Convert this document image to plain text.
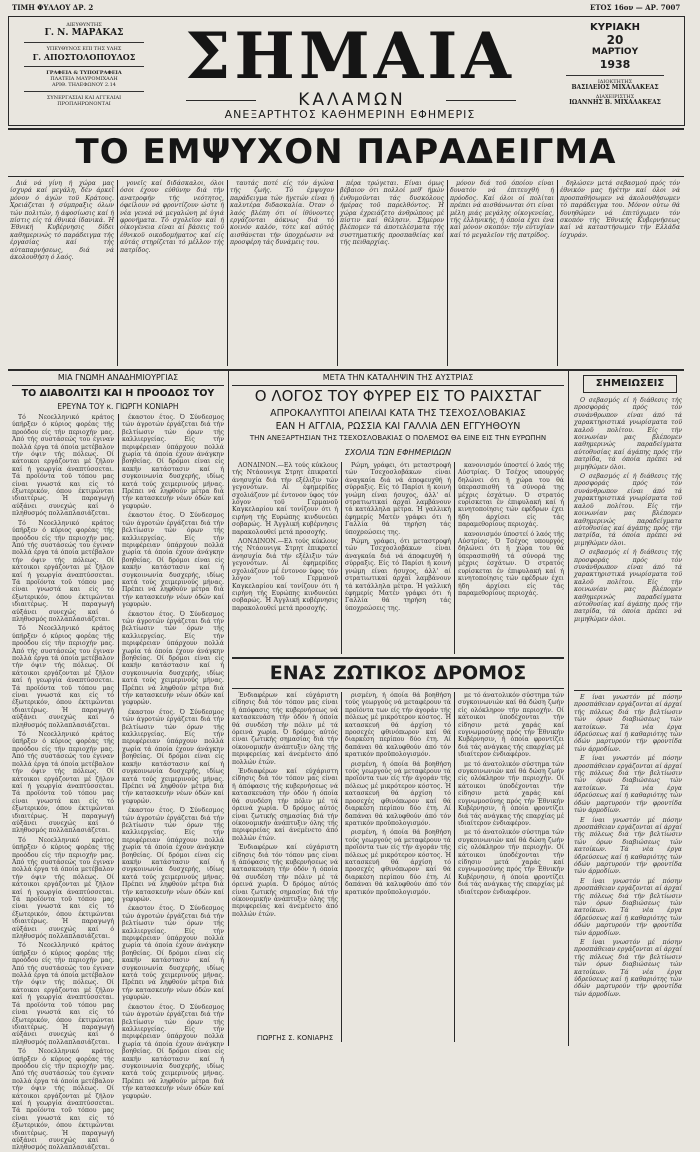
ΤΙΜΗ ΦΥΛΛΟΥ ΔΡ. 2	ΕΤΟΣ 16ον — ΑΡ. 7007
ΔΙΕΥΘΥΝΤΗΣ
Γ. Ν. ΜΑΡΑΚΑΣ
ΥΠΕΥΘΥΝΟΣ ΕΠΙ ΤΗΣ ΥΛΗΣ
Γ. ΑΠΟΣΤΟΛΟΠΟΥΛΟΣ
ΓΡΑΦΕΙΑ & ΤΥΠΟΓΡΑΦΕΙΑ
ΠΛΑΤΕΙΑ ΜΑΥΡΟΜΙΧΑΛΗ
ΑΡΙΘ. ΤΗΛΕΦΩΝΟΥ 2.14
ΣΥΝΕΡΓΑΣΙΑΙ ΚΑΙ ΑΓΓΕΛΙΑΙ
ΠΡΟΠΛΗΡΩΝΟΝΤΑΙ
ΣΗΜΑΙΑ
ΚΑΛΑΜΩΝ
ΑΝΕΞΑΡΤΗΤΟΣ ΚΑΘΗΜΕΡΙΝΗ ΕΦΗΜΕΡΙΣ
ΚΥΡΙΑΚΗ
20
ΜΑΡΤΙΟΥ
1938
ΙΔΙΟΚΤΗΤΗΣ
ΒΑΣΙΛΕΙΟΣ ΜΙΧΑΛΑΚΕΑΣ
ΔΙΑΧΕΙΡΙΣΤΗΣ
ΙΩΑΝΝΗΣ Β. ΜΙΧΑΛΑΚΕΑΣ
ΤΟ ΕΜΨΥΧΟΝ ΠΑΡΑΔΕΙΓΜΑ

Διά νά γίνη ή χώρα μας ίσχυρά καί μεγάλη, δέν άρκεϊ μόνον ό άγών τοϋ Κράτους. Χρειάζεται ή σύμπραξις όλων τών πολιτών, ή άφοσίωσις καί ή πίστις είς τά έθνικά ίδανικά. Ή Έθνική Κυβέρνησις δίδει καθημερινώς τό παράδειγμα τής έργασίας καί τής αύταπαρνήσεως, διά νά άκολουθήση ό λαός.

γονεϊς καί διδάσκαλοι, όλοι όσοι έχουν εύθύνην διά τήν ανατροφήν τής νεότητος, όφείλουν νά φροντίζουν ώστε ή νέα γενεά νά μεγαλώνη μέ ύγιά φρονήματα. Τό σχολεϊον καί ή οίκογένεια είναι αί βάσεις τοϋ έθνικοϋ οικοδομήματος καί είς αύτάς στηρίζεται τό μέλλον τής πατρίδος.

ταυτάς ποτέ είς τόν άγώνα τής ζωής. Τό έμψυχον παράδειγμα τών ήγετών είναι ή καλυτέρα διδασκαλία. Όταν ό λαός βλέπη ότι οί ίθύνοντες εργάζονται άόκνως διά τό κοινόν καλόν, τότε καί αύτός αισθάνεται τήν ύποχρέωσιν νά προσφέρη τάς δυνάμεις του.

πέρα τρώγεται. Είναι όμως βέβαιον ότι πολλοί μεθ' ήμών ένθυμοϋνται τάς δυσκόλους ήμέρας τοϋ παρελθόντος. Ή χώρα έχρειάζετο άνθρώπους μέ πίστιν καί θέλησιν. Σήμερον βλέπομεν τά άποτελέσματα τής συστηματικής προσπαθείας καί τής πειθαρχίας.

μόνον διά τοϋ όποίου είναι δυνατόν νά έπιτευχθή ή πρόοδος. Καί όλοι οί πολίται πρέπει νά αισθάνωνται ότι είναι μέλη μιάς μεγάλης οίκογενείας, τής έλληνικής, ή όποία έχει ένα καί μόνον σκοπόν: τήν εύτυχίαν καί τό μεγαλεϊον τής πατρίδος.

δηλώσεν μετά σεβασμού πρός τόν έθνικόν μας ήγέτην καί όλοι νά προσπαθήσωμεν νά άκολουθήσωμεν τό παράδειγμα του. Μόνον ούτω θά δυνηθώμεν νά έπιτύχωμεν τόν σκοπόν τής Έθνικής Κυβερνήσεως καί νά καταστήσωμεν τήν Ελλάδα ίσχυράν.

ΜΙΑ ΓΝΩΜΗ ΑΝΑΔΗΜΙΟΥΡΓΙΑΣ
ΤΟ ΔΙΑΒΟΛΙΤΣΙ ΚΑΙ Η ΠΡΟΟΔΟΣ ΤΟΥ
ΕΡΕΥΝΑ ΤΟΥ κ. ΓΙΩΡΓΗ ΚΟΝΙΑΡΗ

Τό Νεοελληνικό κράτος ύπήρξεν ό κύριος φορέας τής προόδου είς τήν περιοχήν μας. Άπό τής συστάσεώς του έγιναν πολλά έργα τά όποία μετέβαλον τήν όψιν τής πόλεως. Οί κάτοικοι εργάζονται μέ ζήλον καί ή γεωργία άναπτύσσεται. Τά προϊόντα τοϋ τόπου μας είναι γνωστά και είς τό έξωτερικόν, όπου έκτιμώνται ιδιαιτέρως. Ή παραγωγή αύξάνει συνεχώς καί ό πληθυσμός πολλαπλασιάζεται.

Τό Νεοελληνικό κράτος ύπήρξεν ό κύριος φορέας τής προόδου είς τήν περιοχήν μας. Άπό τής συστάσεώς του έγιναν πολλά έργα τά όποία μετέβαλον τήν όψιν τής πόλεως. Οί κάτοικοι εργάζονται μέ ζήλον καί ή γεωργία άναπτύσσεται. Τά προϊόντα τοϋ τόπου μας είναι γνωστά και είς τό έξωτερικόν, όπου έκτιμώνται ιδιαιτέρως. Ή παραγωγή αύξάνει συνεχώς καί ό πληθυσμός πολλαπλασιάζεται.

Τό Νεοελληνικό κράτος ύπήρξεν ό κύριος φορέας τής προόδου είς τήν περιοχήν μας. Άπό τής συστάσεώς του έγιναν πολλά έργα τά όποία μετέβαλον τήν όψιν τής πόλεως. Οί κάτοικοι εργάζονται μέ ζήλον καί ή γεωργία άναπτύσσεται. Τά προϊόντα τοϋ τόπου μας είναι γνωστά και είς τό έξωτερικόν, όπου έκτιμώνται ιδιαιτέρως. Ή παραγωγή αύξάνει συνεχώς καί ό πληθυσμός πολλαπλασιάζεται.

Τό Νεοελληνικό κράτος ύπήρξεν ό κύριος φορέας τής προόδου είς τήν περιοχήν μας. Άπό τής συστάσεώς του έγιναν πολλά έργα τά όποία μετέβαλον τήν όψιν τής πόλεως. Οί κάτοικοι εργάζονται μέ ζήλον καί ή γεωργία άναπτύσσεται. Τά προϊόντα τοϋ τόπου μας είναι γνωστά και είς τό έξωτερικόν, όπου έκτιμώνται ιδιαιτέρως. Ή παραγωγή αύξάνει συνεχώς καί ό πληθυσμός πολλαπλασιάζεται.

Τό Νεοελληνικό κράτος ύπήρξεν ό κύριος φορέας τής προόδου είς τήν περιοχήν μας. Άπό τής συστάσεώς του έγιναν πολλά έργα τά όποία μετέβαλον τήν όψιν τής πόλεως. Οί κάτοικοι εργάζονται μέ ζήλον καί ή γεωργία άναπτύσσεται. Τά προϊόντα τοϋ τόπου μας είναι γνωστά και είς τό έξωτερικόν, όπου έκτιμώνται ιδιαιτέρως. Ή παραγωγή αύξάνει συνεχώς καί ό πληθυσμός πολλαπλασιάζεται.

Τό Νεοελληνικό κράτος ύπήρξεν ό κύριος φορέας τής προόδου είς τήν περιοχήν μας. Άπό τής συστάσεώς του έγιναν πολλά έργα τά όποία μετέβαλον τήν όψιν τής πόλεως. Οί κάτοικοι εργάζονται μέ ζήλον καί ή γεωργία άναπτύσσεται. Τά προϊόντα τοϋ τόπου μας είναι γνωστά και είς τό έξωτερικόν, όπου έκτιμώνται ιδιαιτέρως. Ή παραγωγή αύξάνει συνεχώς καί ό πληθυσμός πολλαπλασιάζεται.

Τό Νεοελληνικό κράτος ύπήρξεν ό κύριος φορέας τής προόδου είς τήν περιοχήν μας. Άπό τής συστάσεώς του έγιναν πολλά έργα τά όποία μετέβαλον τήν όψιν τής πόλεως. Οί κάτοικοι εργάζονται μέ ζήλον καί ή γεωργία άναπτύσσεται. Τά προϊόντα τοϋ τόπου μας είναι γνωστά και είς τό έξωτερικόν, όπου έκτιμώνται ιδιαιτέρως. Ή παραγωγή αύξάνει συνεχώς καί ό πληθυσμός πολλαπλασιάζεται.

έκαστον έτος. Ό Σύνδεσμος τών άγροτών έργάζεται διά τήν βελτίωσιν τών όρων τής καλλιεργείας. Είς τήν περιφέρειαν ύπάρχουν πολλά χωρία τά όποία έχουν άνάγκην βοηθείας. Οί δρόμοι είναι είς κακήν κατάστασιν καί ή συγκοινωνία δυσχερής, ιδίως κατά τούς χειμερινούς μήνας. Πρέπει νά ληφθούν μέτρα διά τήν κατασκευήν νέων όδών καί γεφυρών.

έκαστον έτος. Ό Σύνδεσμος τών άγροτών έργάζεται διά τήν βελτίωσιν τών όρων τής καλλιεργείας. Είς τήν περιφέρειαν ύπάρχουν πολλά χωρία τά όποία έχουν άνάγκην βοηθείας. Οί δρόμοι είναι είς κακήν κατάστασιν καί ή συγκοινωνία δυσχερής, ιδίως κατά τούς χειμερινούς μήνας. Πρέπει νά ληφθούν μέτρα διά τήν κατασκευήν νέων όδών καί γεφυρών.

έκαστον έτος. Ό Σύνδεσμος τών άγροτών έργάζεται διά τήν βελτίωσιν τών όρων τής καλλιεργείας. Είς τήν περιφέρειαν ύπάρχουν πολλά χωρία τά όποία έχουν άνάγκην βοηθείας. Οί δρόμοι είναι είς κακήν κατάστασιν καί ή συγκοινωνία δυσχερής, ιδίως κατά τούς χειμερινούς μήνας. Πρέπει νά ληφθούν μέτρα διά τήν κατασκευήν νέων όδών καί γεφυρών.

έκαστον έτος. Ό Σύνδεσμος τών άγροτών έργάζεται διά τήν βελτίωσιν τών όρων τής καλλιεργείας. Είς τήν περιφέρειαν ύπάρχουν πολλά χωρία τά όποία έχουν άνάγκην βοηθείας. Οί δρόμοι είναι είς κακήν κατάστασιν καί ή συγκοινωνία δυσχερής, ιδίως κατά τούς χειμερινούς μήνας. Πρέπει νά ληφθούν μέτρα διά τήν κατασκευήν νέων όδών καί γεφυρών.

έκαστον έτος. Ό Σύνδεσμος τών άγροτών έργάζεται διά τήν βελτίωσιν τών όρων τής καλλιεργείας. Είς τήν περιφέρειαν ύπάρχουν πολλά χωρία τά όποία έχουν άνάγκην βοηθείας. Οί δρόμοι είναι είς κακήν κατάστασιν καί ή συγκοινωνία δυσχερής, ιδίως κατά τούς χειμερινούς μήνας. Πρέπει νά ληφθούν μέτρα διά τήν κατασκευήν νέων όδών καί γεφυρών.

έκαστον έτος. Ό Σύνδεσμος τών άγροτών έργάζεται διά τήν βελτίωσιν τών όρων τής καλλιεργείας. Είς τήν περιφέρειαν ύπάρχουν πολλά χωρία τά όποία έχουν άνάγκην βοηθείας. Οί δρόμοι είναι είς κακήν κατάστασιν καί ή συγκοινωνία δυσχερής, ιδίως κατά τούς χειμερινούς μήνας. Πρέπει νά ληφθούν μέτρα διά τήν κατασκευήν νέων όδών καί γεφυρών.

έκαστον έτος. Ό Σύνδεσμος τών άγροτών έργάζεται διά τήν βελτίωσιν τών όρων τής καλλιεργείας. Είς τήν περιφέρειαν ύπάρχουν πολλά χωρία τά όποία έχουν άνάγκην βοηθείας. Οί δρόμοι είναι είς κακήν κατάστασιν καί ή συγκοινωνία δυσχερής, ιδίως κατά τούς χειμερινούς μήνας. Πρέπει νά ληφθούν μέτρα διά τήν κατασκευήν νέων όδών καί γεφυρών.

ΜΕΤΑ ΤΗΝ ΚΑΤΑΛΗΨΙΝ ΤΗΣ ΑΥΣΤΡΙΑΣ
Ο ΛΟΓΟΣ ΤΟΥ ΦΥΡΕΡ ΕΙΣ ΤΟ ΡΑΙΧΣΤΑΓ
ΑΠΡΟΚΑΛΥΠΤΟΙ ΑΠΕΙΛΑΙ ΚΑΤΑ ΤΗΣ ΤΣΕΧΟΣΛΟΒΑΚΙΑΣ
ΕΑΝ Η ΑΓΓΛΙΑ, ΡΩΣΣΙΑ ΚΑΙ ΓΑΛΛΙΑ ΔΕΝ ΕΓΓΥΗΘΟΥΝ
ΤΗΝ ΑΝΕΞΑΡΤΗΣΙΑΝ ΤΗΣ ΤΣΕΧΟΣΛΟΒΑΚΙΑΣ Ο ΠΟΛΕΜΟΣ ΘΑ ΕΙΝΕ ΕΙΣ ΤΗΝ ΕΥΡΩΠΗΝ
ΣΧΟΛΙΑ ΤΩΝ ΕΦΗΜΕΡΙΔΩΝ

ΛΟΝΔΙΝΟΝ.—Ελ τούς κύκλους τής Ντάουνιγκ Στρητ έπικρατεί άνησυχία διά τήν εξέλιξιν τών γεγονότων. Αί έφημερίδες σχολιάζουν μέ έντονον ύφος τόν λόγον τοϋ Γερμανοϋ Καγκελαρίου καί τονίζουν ότι ή ειρήνη τής Ευρώπης κινδυνεύει σοβαρώς. Ή Άγγλική κυβέρνησις παρακολουθεί μετά προσοχής.

ΛΟΝΔΙΝΟΝ.—Ελ τούς κύκλους τής Ντάουνιγκ Στρητ έπικρατεί άνησυχία διά τήν εξέλιξιν τών γεγονότων. Αί έφημερίδες σχολιάζουν μέ έντονον ύφος τόν λόγον τοϋ Γερμανοϋ Καγκελαρίου καί τονίζουν ότι ή ειρήνη τής Ευρώπης κινδυνεύει σοβαρώς. Ή Άγγλική κυβέρνησις παρακολουθεί μετά προσοχής.

Ρώμη, γράφει, ότι μεταστροφή τών Τσεχοσλοβάκων είναι άναγκαία διά νά άποφευχθή ή σύρραξις. Είς τό Παρίσι ή κοινή γνώμη είναι ήσυχος, άλλ' αί στρατιωτικαί άρχαί λαμβάνουν τά κατάλληλα μέτρα. Ή γαλλική έφημερίς Ματέν γράφει ότι ή Γαλλία θά τηρήση τάς ύποχρεώσεις της.

Ρώμη, γράφει, ότι μεταστροφή τών Τσεχοσλοβάκων είναι άναγκαία διά νά άποφευχθή ή σύρραξις. Είς τό Παρίσι ή κοινή γνώμη είναι ήσυχος, άλλ' αί στρατιωτικαί άρχαί λαμβάνουν τά κατάλληλα μέτρα. Ή γαλλική έφημερίς Ματέν γράφει ότι ή Γαλλία θά τηρήση τάς ύποχρεώσεις της.

κανονισμόν ύποστεί ό λαός τής Αύστρίας. Ό Τσέχος υπουργός δηλώνει ότι ή χώρα του θά ύπερασπισθή τά σύνορά της μέχρις έσχάτων. Ό στρατός ευρίσκεται έν έπιφυλακή καί ή κινητοποίησις τών εφέδρων έχει ήδη άρχίσει είς τάς παραμεθορίους περιοχάς.

κανονισμόν ύποστεί ό λαός τής Αύστρίας. Ό Τσέχος υπουργός δηλώνει ότι ή χώρα του θά ύπερασπισθή τά σύνορά της μέχρις έσχάτων. Ό στρατός ευρίσκεται έν έπιφυλακή καί ή κινητοποίησις τών εφέδρων έχει ήδη άρχίσει είς τάς παραμεθορίους περιοχάς.

ΕΝΑΣ ΖΩΤΙΚΟΣ ΔΡΟΜΟΣ

Ένδιαφέρων καί εύχάριστη είδησις διά τόν τόπον μας είναι ή άπόφασις τής κυβερνήσεως νά κατασκευάση τήν όδόν ή όποία θά συνδέση τήν πόλιν μέ τά όρεινά χωρία. Ό δρόμος αύτός είναι ζωτικής σημασίας διά τήν οίκονομικήν άνάπτυξιν όλης τής περιφερείας καί άνεμένετο άπό πολλών έτών.

Ένδιαφέρων καί εύχάριστη είδησις διά τόν τόπον μας είναι ή άπόφασις τής κυβερνήσεως νά κατασκευάση τήν όδόν ή όποία θά συνδέση τήν πόλιν μέ τά όρεινά χωρία. Ό δρόμος αύτός είναι ζωτικής σημασίας διά τήν οίκονομικήν άνάπτυξιν όλης τής περιφερείας καί άνεμένετο άπό πολλών έτών.

Ένδιαφέρων καί εύχάριστη είδησις διά τόν τόπον μας είναι ή άπόφασις τής κυβερνήσεως νά κατασκευάση τήν όδόν ή όποία θά συνδέση τήν πόλιν μέ τά όρεινά χωρία. Ό δρόμος αύτός είναι ζωτικής σημασίας διά τήν οίκονομικήν άνάπτυξιν όλης τής περιφερείας καί άνεμένετο άπό πολλών έτών.

ρισμένη, ή όποία θά βοηθήση τούς γεωργούς νά μεταφέρουν τά προϊόντα των είς τήν άγοράν τής πόλεως μέ μικρότερον κόστος. Ή κατασκευή θά άρχίση τό προσεχές φθινόπωρον καί θά διαρκέση περίπου δύο έτη. Αί δαπάναι θά καλυφθούν άπό τόν κρατικόν προϋπολογισμόν.

ρισμένη, ή όποία θά βοηθήση τούς γεωργούς νά μεταφέρουν τά προϊόντα των είς τήν άγοράν τής πόλεως μέ μικρότερον κόστος. Ή κατασκευή θά άρχίση τό προσεχές φθινόπωρον καί θά διαρκέση περίπου δύο έτη. Αί δαπάναι θά καλυφθούν άπό τόν κρατικόν προϋπολογισμόν.

ρισμένη, ή όποία θά βοηθήση τούς γεωργούς νά μεταφέρουν τά προϊόντα των είς τήν άγοράν τής πόλεως μέ μικρότερον κόστος. Ή κατασκευή θά άρχίση τό προσεχές φθινόπωρον καί θά διαρκέση περίπου δύο έτη. Αί δαπάναι θά καλυφθούν άπό τόν κρατικόν προϋπολογισμόν.

με τό άνατολικόν σύστημα τών συγκοινωνιών καί θά δώση ζωήν είς ολόκληρον τήν περιοχήν. Οί κάτοικοι ύποδέχονται τήν είδησιν μετά χαράς καί ευγνωμοσύνης πρός τήν Έθνικήν Κυβέρνησιν, ή όποία φροντίζει διά τάς ανάγκας τής επαρχίας μέ ιδιαίτερον ένδιαφέρον.

με τό άνατολικόν σύστημα τών συγκοινωνιών καί θά δώση ζωήν είς ολόκληρον τήν περιοχήν. Οί κάτοικοι ύποδέχονται τήν είδησιν μετά χαράς καί ευγνωμοσύνης πρός τήν Έθνικήν Κυβέρνησιν, ή όποία φροντίζει διά τάς ανάγκας τής επαρχίας μέ ιδιαίτερον ένδιαφέρον.

με τό άνατολικόν σύστημα τών συγκοινωνιών καί θά δώση ζωήν είς ολόκληρον τήν περιοχήν. Οί κάτοικοι ύποδέχονται τήν είδησιν μετά χαράς καί ευγνωμοσύνης πρός τήν Έθνικήν Κυβέρνησιν, ή όποία φροντίζει διά τάς ανάγκας τής επαρχίας μέ ιδιαίτερον ένδιαφέρον.

ΓΙΩΡΓΗΣ Σ. ΚΟΝΙΑΡΗΣ
ΣΗΜΕΙΩΣΕΙΣ

Ο σεβασμός εί ή διάθεσις τής προσφοράς πρός τόν συνάνθρωπον είναι άπό τά χαρακτηριστικά γνωρίσματα τοϋ καλοϋ πολίτου. Είς τήν κοινωνίαν μας βλέπομεν καθημερινώς παραδείγματα αύτοθυσίας καί άγάπης πρός τήν πατρίδα, τά όποία πρέπει νά μιμηθώμεν όλοι.

Ο σεβασμός εί ή διάθεσις τής προσφοράς πρός τόν συνάνθρωπον είναι άπό τά χαρακτηριστικά γνωρίσματα τοϋ καλοϋ πολίτου. Είς τήν κοινωνίαν μας βλέπομεν καθημερινώς παραδείγματα αύτοθυσίας καί άγάπης πρός τήν πατρίδα, τά όποία πρέπει νά μιμηθώμεν όλοι.

Ο σεβασμός εί ή διάθεσις τής προσφοράς πρός τόν συνάνθρωπον είναι άπό τά χαρακτηριστικά γνωρίσματα τοϋ καλοϋ πολίτου. Είς τήν κοινωνίαν μας βλέπομεν καθημερινώς παραδείγματα αύτοθυσίας καί άγάπης πρός τήν πατρίδα, τά όποία πρέπει νά μιμηθώμεν όλοι.

Ε ίναι γνωστόν μέ πόσην προσπάθειαν εργάζονται αί άρχαί τής πόλεως διά τήν βελτίωσιν τών όρων διαβιώσεως τών κατοίκων. Τά νέα έργα ύδρεύσεως καί ή καθαριότης τών όδών μαρτυρούν τήν φροντίδα τών άρμοδίων.

Ε ίναι γνωστόν μέ πόσην προσπάθειαν εργάζονται αί άρχαί τής πόλεως διά τήν βελτίωσιν τών όρων διαβιώσεως τών κατοίκων. Τά νέα έργα ύδρεύσεως καί ή καθαριότης τών όδών μαρτυρούν τήν φροντίδα τών άρμοδίων.

Ε ίναι γνωστόν μέ πόσην προσπάθειαν εργάζονται αί άρχαί τής πόλεως διά τήν βελτίωσιν τών όρων διαβιώσεως τών κατοίκων. Τά νέα έργα ύδρεύσεως καί ή καθαριότης τών όδών μαρτυρούν τήν φροντίδα τών άρμοδίων.

Ε ίναι γνωστόν μέ πόσην προσπάθειαν εργάζονται αί άρχαί τής πόλεως διά τήν βελτίωσιν τών όρων διαβιώσεως τών κατοίκων. Τά νέα έργα ύδρεύσεως καί ή καθαριότης τών όδών μαρτυρούν τήν φροντίδα τών άρμοδίων.

Ε ίναι γνωστόν μέ πόσην προσπάθειαν εργάζονται αί άρχαί τής πόλεως διά τήν βελτίωσιν τών όρων διαβιώσεως τών κατοίκων. Τά νέα έργα ύδρεύσεως καί ή καθαριότης τών όδών μαρτυρούν τήν φροντίδα τών άρμοδίων.
